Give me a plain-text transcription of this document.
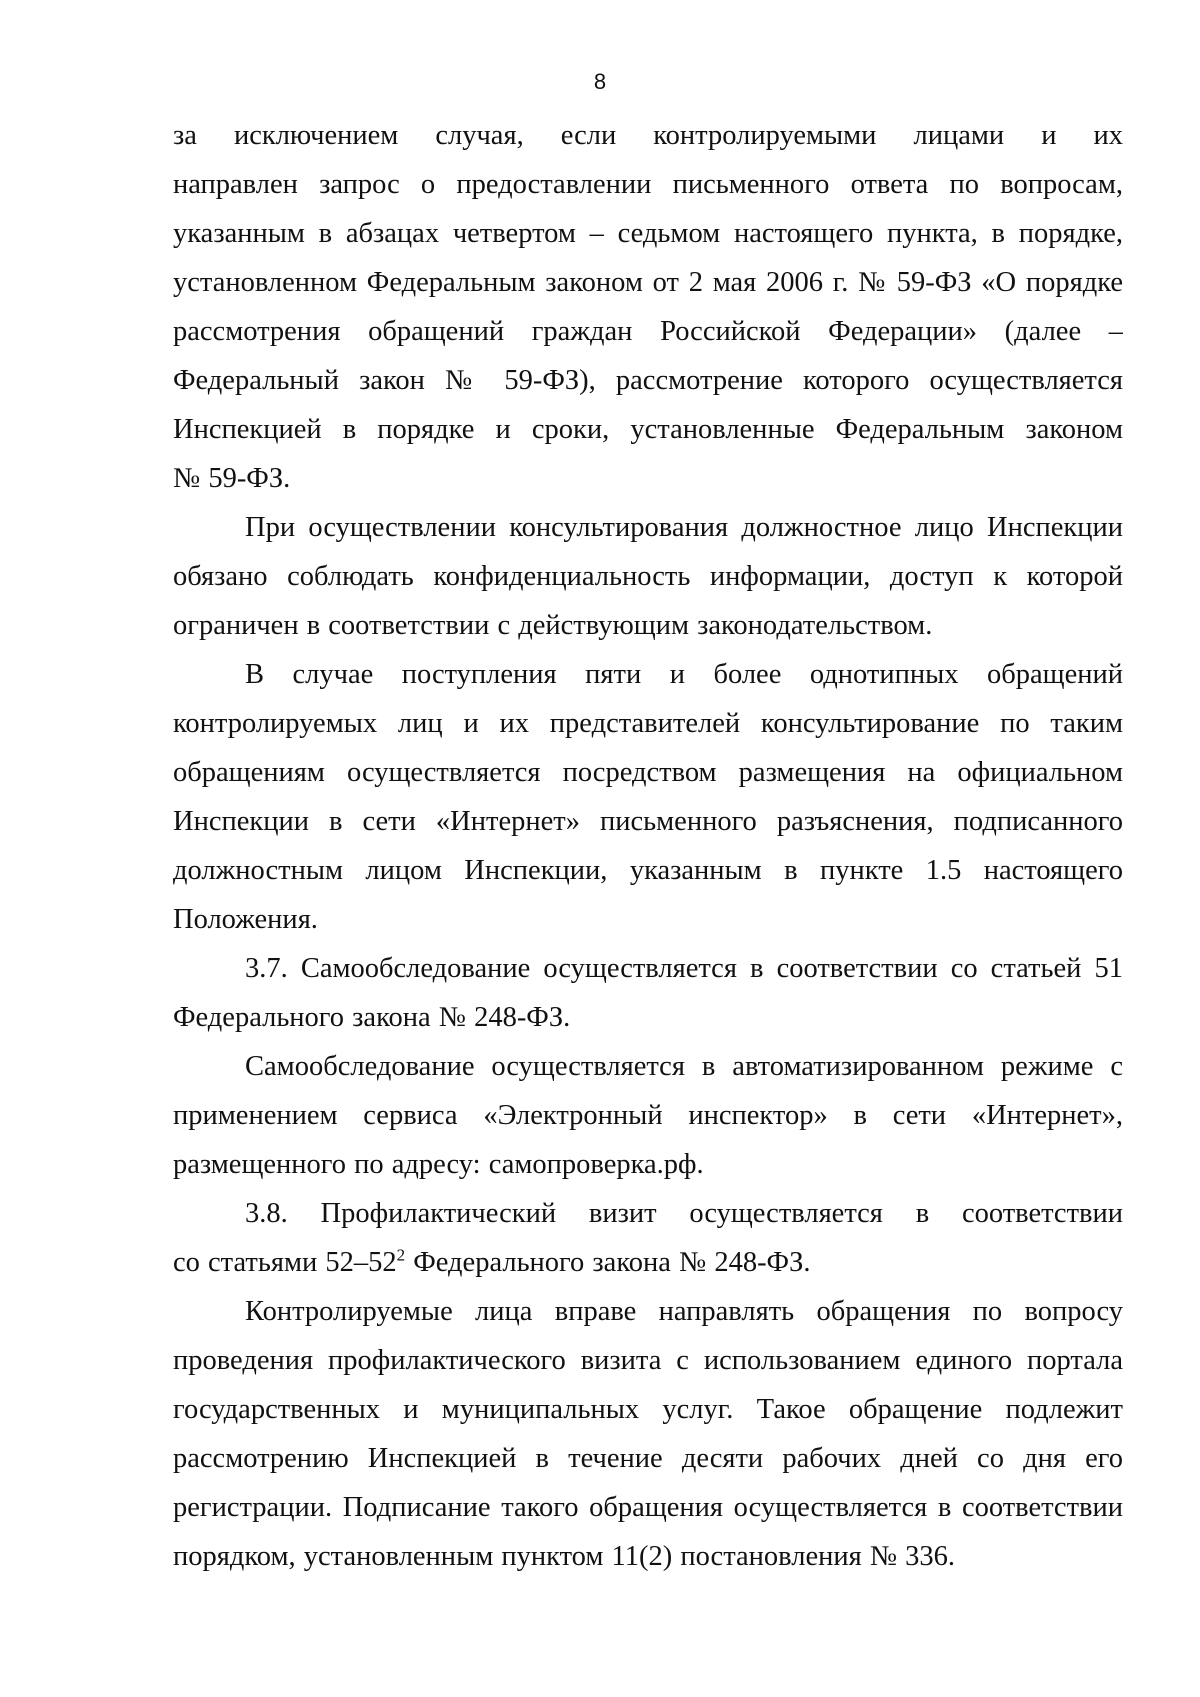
8

за исключением случая, если контролируемыми лицами и их
направлен запрос о предоставлении письменного ответа по вопросам,
указанным в абзацах четвертом – седьмом настоящего пункта, в порядке,
установленном Федеральным законом от 2 мая 2006 г. № 59-ФЗ «О порядке
рассмотрения обращений граждан Российской Федерации» (далее –
Федеральный закон № 59-ФЗ), рассмотрение которого осуществляется
Инспекцией в порядке и сроки, установленные Федеральным законом
№ 59-ФЗ.

При осуществлении консультирования должностное лицо Инспекции
обязано соблюдать конфиденциальность информации, доступ к которой
ограничен в соответствии с действующим законодательством.

В случае поступления пяти и более однотипных обращений
контролируемых лиц и их представителей консультирование по таким
обращениям осуществляется посредством размещения на официальном
Инспекции в сети «Интернет» письменного разъяснения, подписанного
должностным лицом Инспекции, указанным в пункте 1.5 настоящего
Положения.

3.7. Самообследование осуществляется в соответствии со статьей 51
Федерального закона № 248-ФЗ.

Самообследование осуществляется в автоматизированном режиме с
применением сервиса «Электронный инспектор» в сети «Интернет»,
размещенного по адресу: самопроверка.рф.

3.8. Профилактический визит осуществляется в соответствии
со статьями $52-52^2$ Федерального закона № 248-ФЗ.

Контролируемые лица вправе направлять обращения по вопросу
проведения профилактического визита с использованием единого портала
государственных и муниципальных услуг. Такое обращение подлежит
рассмотрению Инспекцией в течение десяти рабочих дней со дня его
регистрации. Подписание такого обращения осуществляется в соответствии
порядком, установленным пунктом 11(2) постановления № 336.
